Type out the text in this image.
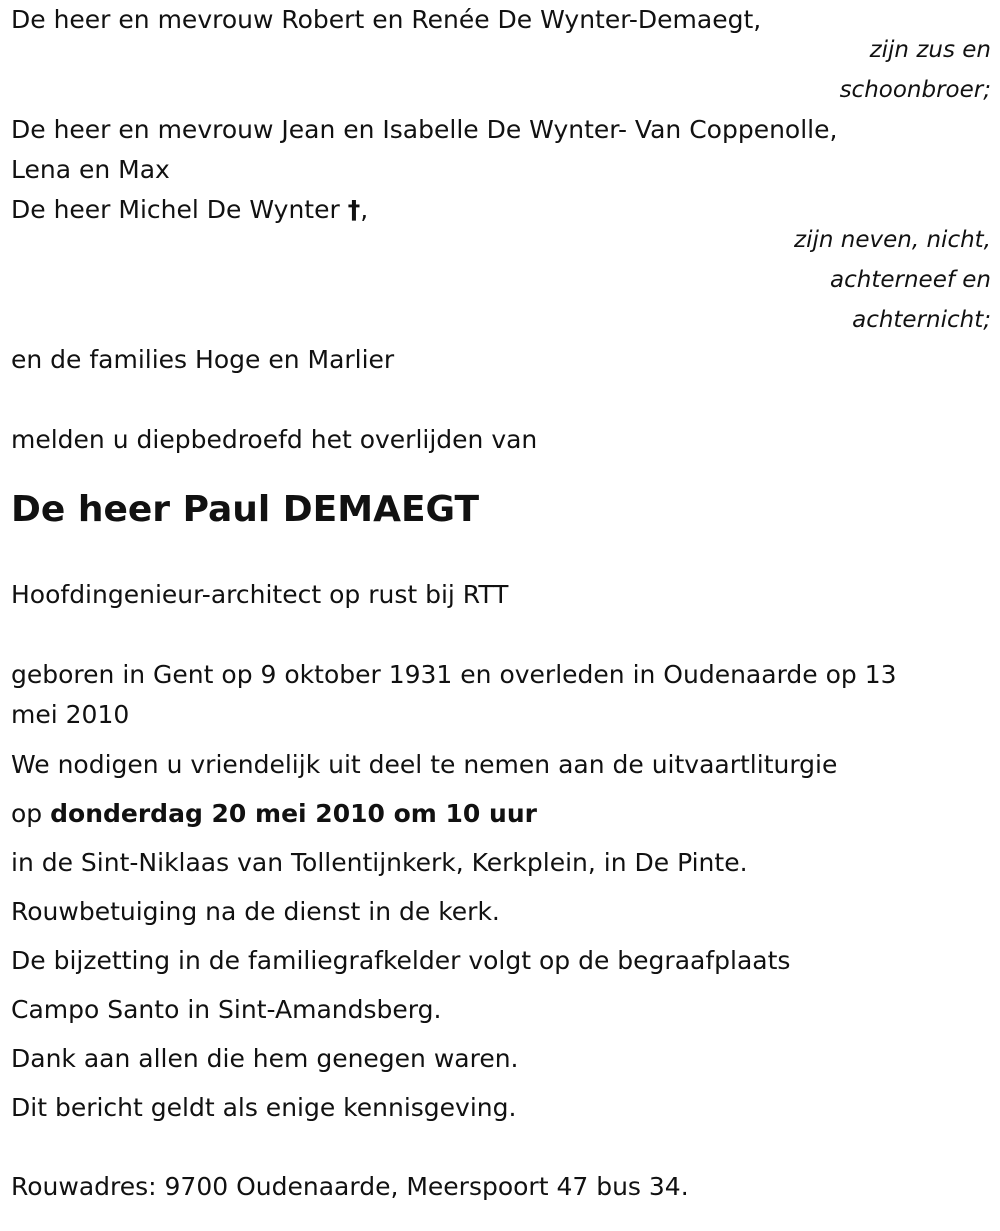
De heer en mevrouw Robert en Renée De Wynter-Demaegt,

zijn zus en

schoonbroer;

De heer en mevrouw Jean en Isabelle De Wynter- Van Coppenolle,

Lena en Max

De heer Michel De Wynter †,

zijn neven, nicht,

achterneef en

achternicht;

en de families Hoge en Marlier

melden u diepbedroefd het overlijden van

De heer Paul DEMAEGT

Hoofdingenieur-architect op rust bij RTT

geboren in Gent op 9 oktober 1931 en overleden in Oudenaarde op 13 mei 2010

We nodigen u vriendelijk uit deel te nemen aan de uitvaartliturgie

op donderdag 20 mei 2010 om 10 uur

in de Sint-Niklaas van Tollentijnkerk, Kerkplein, in De Pinte.

Rouwbetuiging na de dienst in de kerk.

De bijzetting in de familiegrafkelder volgt op de begraafplaats

Campo Santo in Sint-Amandsberg.

Dank aan allen die hem genegen waren.

Dit bericht geldt als enige kennisgeving.

Rouwadres: 9700 Oudenaarde, Meerspoort 47 bus 34.
